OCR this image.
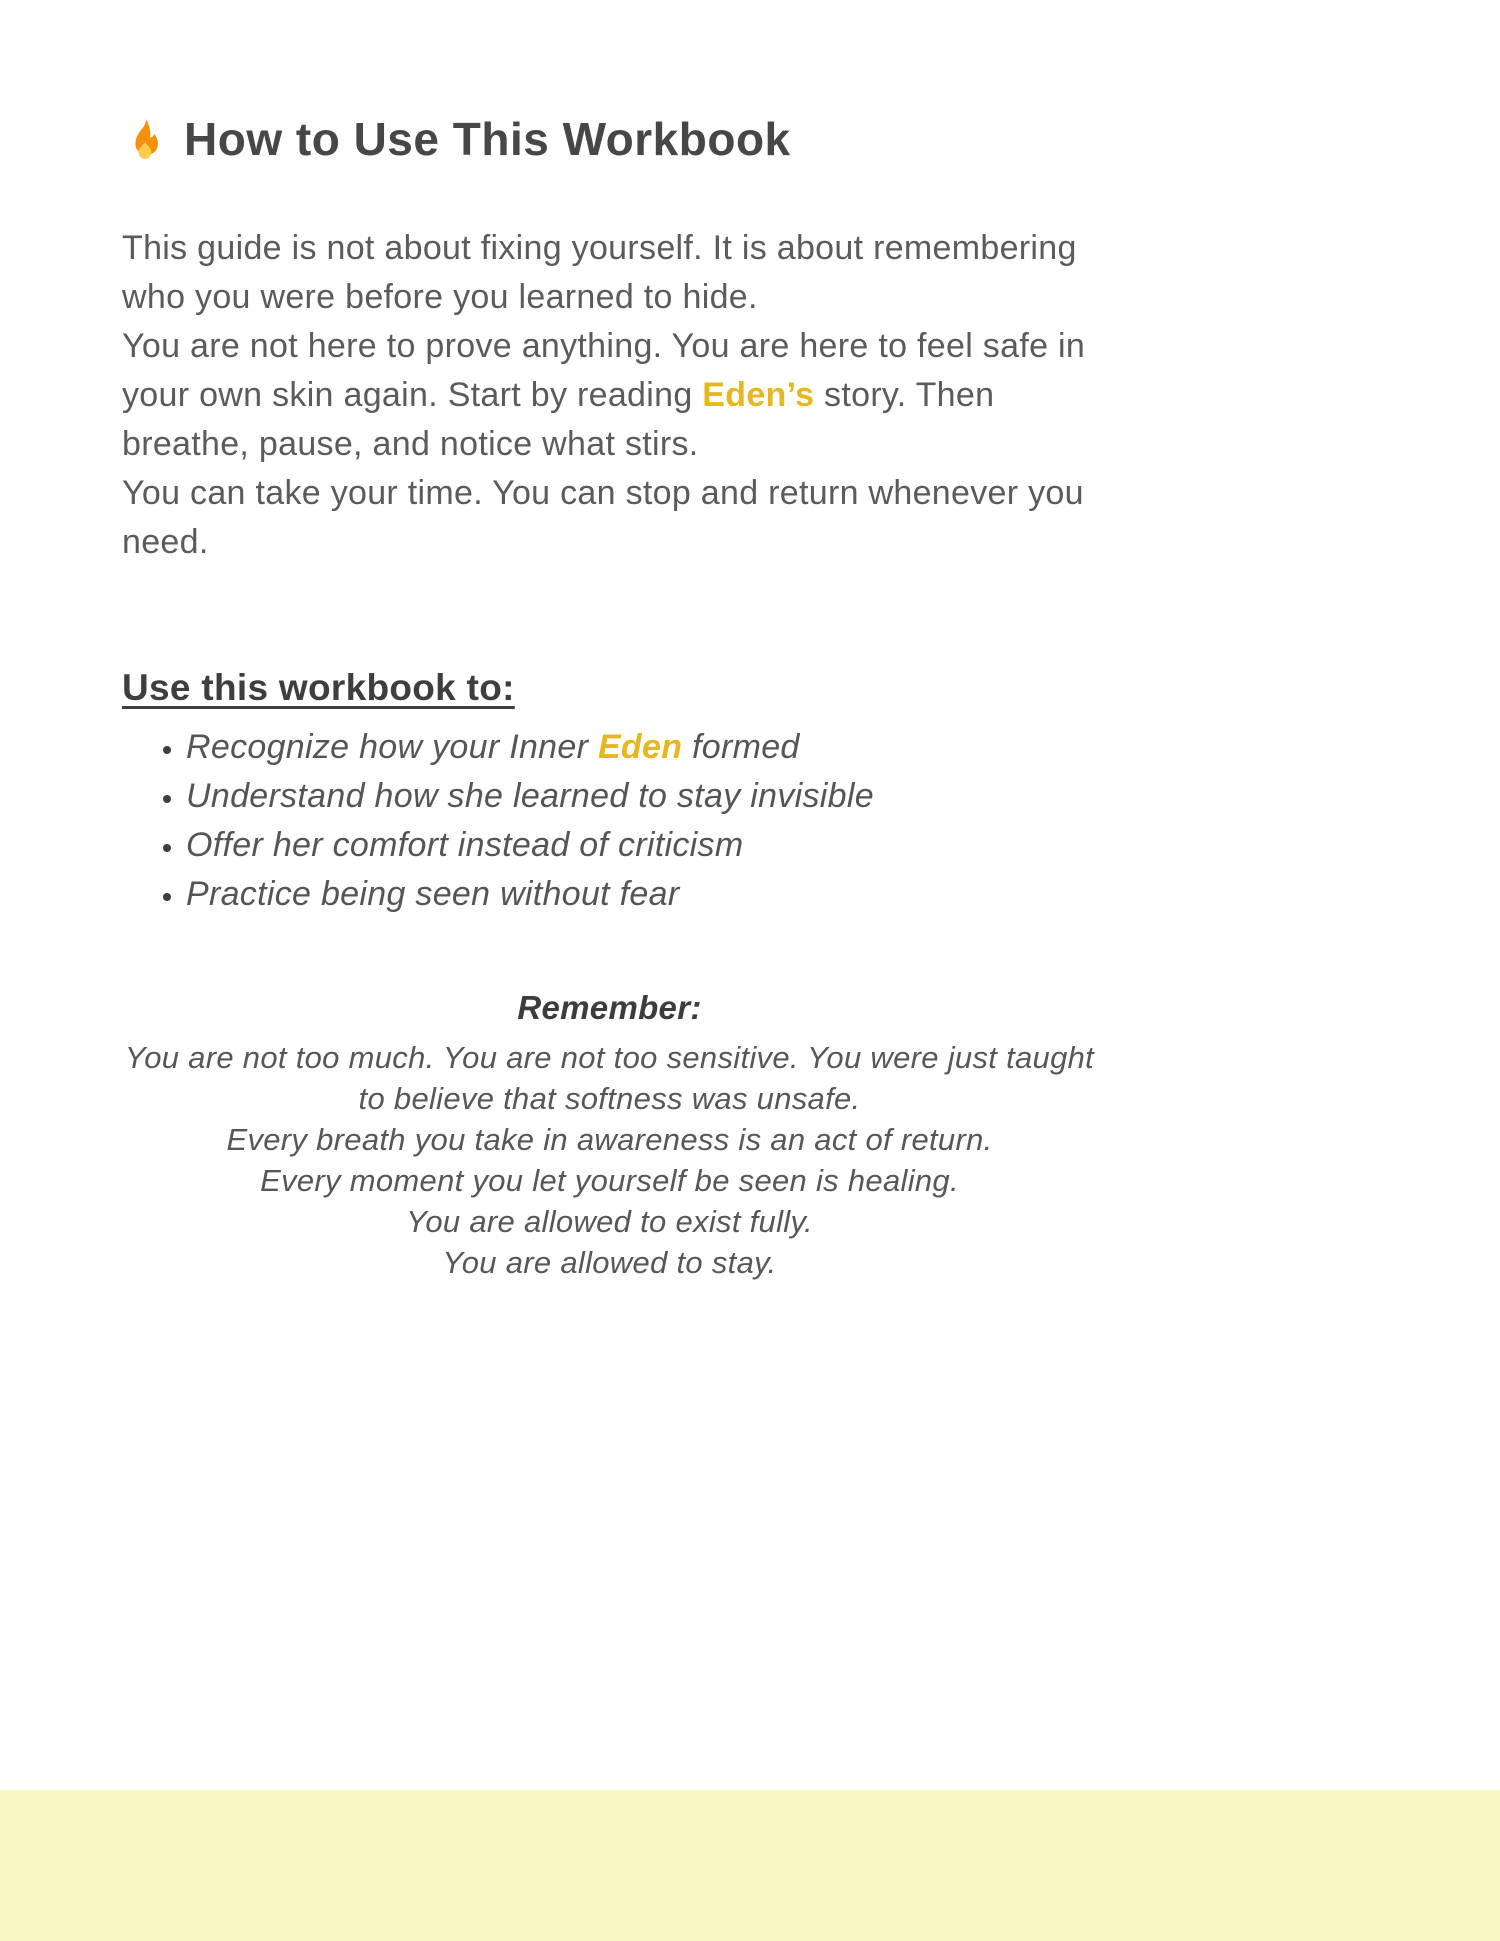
How to Use This Workbook

This guide is not about fixing yourself. It is about remembering who you were before you learned to hide.

You are not here to prove anything. You are here to feel safe in your own skin again. Start by reading Eden’s story. Then breathe, pause, and notice what stirs.

You can take your time. You can stop and return whenever you need.

Use this workbook to:
• Recognize how your Inner Eden formed
• Understand how she learned to stay invisible
• Offer her comfort instead of criticism
• Practice being seen without fear
Remember:

You are not too much. You are not too sensitive. You were just taught to believe that softness was unsafe.

Every breath you take in awareness is an act of return.

Every moment you let yourself be seen is healing.

You are allowed to exist fully.

You are allowed to stay.
